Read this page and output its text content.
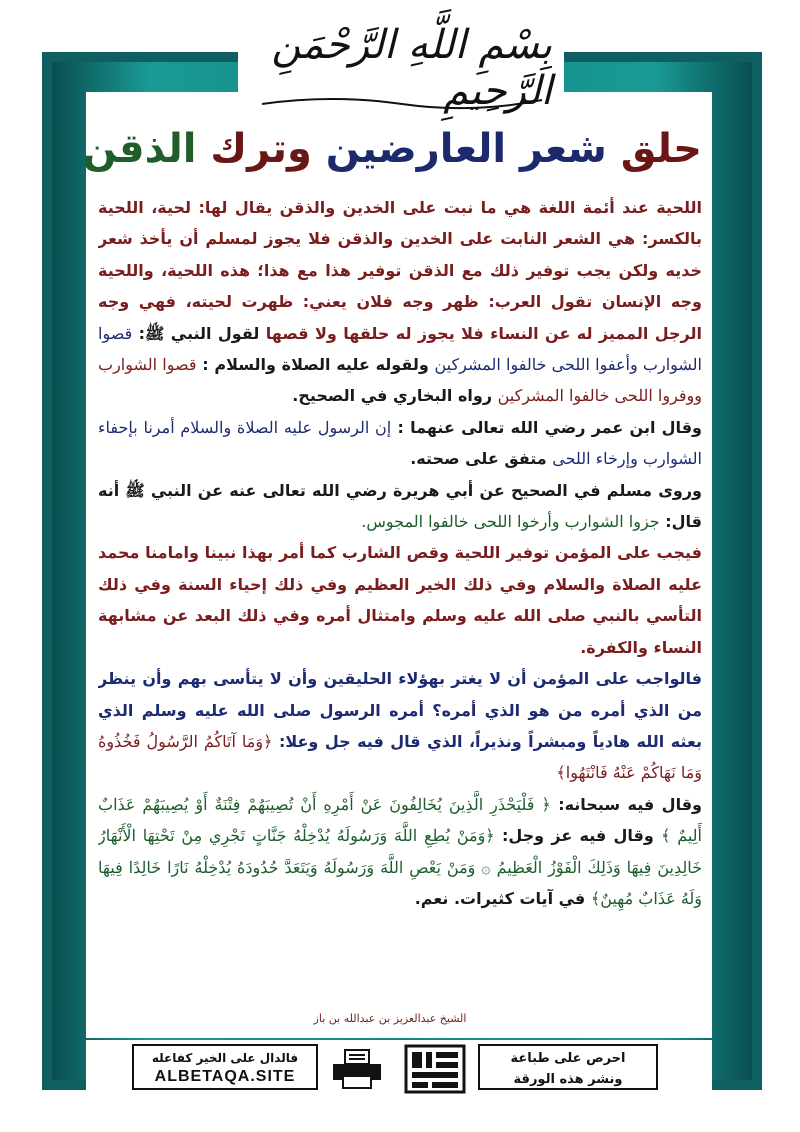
بِسْمِ اللَّهِ الرَّحْمَنِ الرَّحِيمِ
حلق شعر العارضين وترك الذقن

اللحية عند أئمة اللغة هي ما نبت على الخدين والذقن يقال لها: لحية، اللحية بالكسر: هي الشعر النابت على الخدين والذقن فلا يجوز لمسلم أن يأخذ شعر خديه ولكن يجب توفير ذلك مع الذقن توفير هذا مع هذا؛ هذه اللحية، واللحية وجه الإنسان تقول العرب: ظهر وجه فلان يعني: ظهرت لحيته، فهي وجه الرجل المميز له عن النساء فلا يجوز له حلقها ولا قصها لقول النبي ﷺ: قصوا الشوارب وأعفوا اللحى خالفوا المشركين ولقوله عليه الصلاة والسلام : قصوا الشوارب ووفروا اللحى خالفوا المشركين رواه البخاري في الصحيح.

وقال ابن عمر رضي الله تعالى عنهما : إن الرسول عليه الصلاة والسلام أمرنا بإحفاء الشوارب وإرخاء اللحى متفق على صحته.

وروى مسلم في الصحيح عن أبي هريرة رضي الله تعالى عنه عن النبي ﷺ أنه قال: جزوا الشوارب وأرخوا اللحى خالفوا المجوس.

فيجب على المؤمن توفير اللحية وقص الشارب كما أمر بهذا نبينا وامامنا محمد عليه الصلاة والسلام وفي ذلك الخير العظيم وفي ذلك إحياء السنة وفي ذلك التأسي بالنبي صلى الله عليه وسلم وامتثال أمره وفي ذلك البعد عن مشابهة النساء والكفرة.

فالواجب على المؤمن أن لا يغتر بهؤلاء الحليقين وأن لا يتأسى بهم وأن ينظر من الذي أمره من هو الذي أمره؟ أمره الرسول صلى الله عليه وسلم الذي بعثه الله هادياً ومبشراً ونذيراً، الذي قال فيه جل وعلا: ﴿وَمَا آتَاكُمُ الرَّسُولُ فَخُذُوهُ وَمَا نَهَاكُمْ عَنْهُ فَانْتَهُوا﴾

وقال فيه سبحانه: ﴿ فَلْيَحْذَرِ الَّذِينَ يُخَالِفُونَ عَنْ أَمْرِهِ أَنْ تُصِيبَهُمْ فِتْنَةٌ أَوْ يُصِيبَهُمْ عَذَابٌ أَلِيمٌ ﴾ وقال فيه عز وجل: ﴿وَمَنْ يُطِعِ اللَّهَ وَرَسُولَهُ يُدْخِلْهُ جَنَّاتٍ تَجْرِي مِنْ تَحْتِهَا الْأَنْهَارُ خَالِدِينَ فِيهَا وَذَلِكَ الْفَوْزُ الْعَظِيمُ ۞ وَمَنْ يَعْصِ اللَّهَ وَرَسُولَهُ وَيَتَعَدَّ حُدُودَهُ يُدْخِلْهُ نَارًا خَالِدًا فِيهَا وَلَهُ عَذَابٌ مُهِينٌ﴾ في آيات كثيرات. نعم.

الشيخ عبدالعزيز بن عبدالله بن باز
فالدال على الخير كفاعله
ALBETAQA.SITE
احرص على طباعة
ونشر هذه الورقة
